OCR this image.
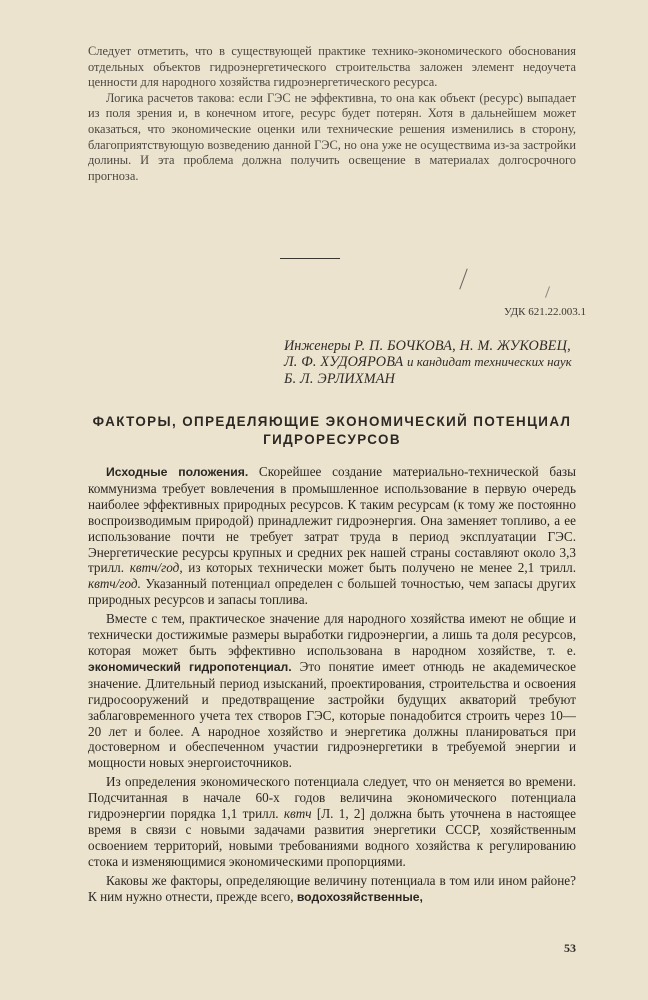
Следует отметить, что в существующей практике технико-экономического обоснования отдельных объектов гидроэнергетического строительства заложен элемент недоучета ценности для народного хозяйства гидроэнергетического ресурса.

Логика расчетов такова: если ГЭС не эффективна, то она как объект (ресурс) выпадает из поля зрения и, в конечном итоге, ресурс будет потерян. Хотя в дальнейшем может оказаться, что экономические оценки или технические решения изменились в сторону, благоприятствующую возведению данной ГЭС, но она уже не осуществима из-за застройки долины. И эта проблема должна получить освещение в материалах долгосрочного прогноза.

УДК 621.22.003.1
Инженеры Р. П. БОЧКОВА, Н. М. ЖУКОВЕЦ, Л. Ф. ХУДОЯРОВА и кандидат технических наук Б. Л. ЭРЛИХМАН
ФАКТОРЫ, ОПРЕДЕЛЯЮЩИЕ ЭКОНОМИЧЕСКИЙ ПОТЕНЦИАЛ ГИДРОРЕСУРСОВ

Исходные положения. Скорейшее создание материально-технической базы коммунизма требует вовлечения в промышленное использование в первую очередь наиболее эффективных природных ресурсов. К таким ресурсам (к тому же постоянно воспроизводимым природой) принадлежит гидроэнергия. Она заменяет топливо, а ее использование почти не требует затрат труда в период эксплуатации ГЭС. Энергетические ресурсы крупных и средних рек нашей страны составляют около 3,3 трилл. квтч/год, из которых технически может быть получено не менее 2,1 трилл. квтч/год. Указанный потенциал определен с большей точностью, чем запасы других природных ресурсов и запасы топлива.

Вместе с тем, практическое значение для народного хозяйства имеют не общие и технически достижимые размеры выработки гидроэнергии, а лишь та доля ресурсов, которая может быть эффективно использована в народном хозяйстве, т. е. экономический гидропотенциал. Это понятие имеет отнюдь не академическое значение. Длительный период изысканий, проектирования, строительства и освоения гидросооружений и предотвращение застройки будущих акваторий требуют заблаговременного учета тех створов ГЭС, которые понадобится строить через 10—20 лет и более. А народное хозяйство и энергетика должны планироваться при достоверном и обеспеченном участии гидроэнергетики в требуемой энергии и мощности новых энергоисточников.

Из определения экономического потенциала следует, что он меняется во времени. Подсчитанная в начале 60-х годов величина экономического потенциала гидроэнергии порядка 1,1 трилл. квтч [Л. 1, 2] должна быть уточнена в настоящее время в связи с новыми задачами развития энергетики СССР, хозяйственным освоением территорий, новыми требованиями водного хозяйства к регулированию стока и изменяющимися экономическими пропорциями.

Каковы же факторы, определяющие величину потенциала в том или ином районе? К ним нужно отнести, прежде всего, водохозяйственные,

53
